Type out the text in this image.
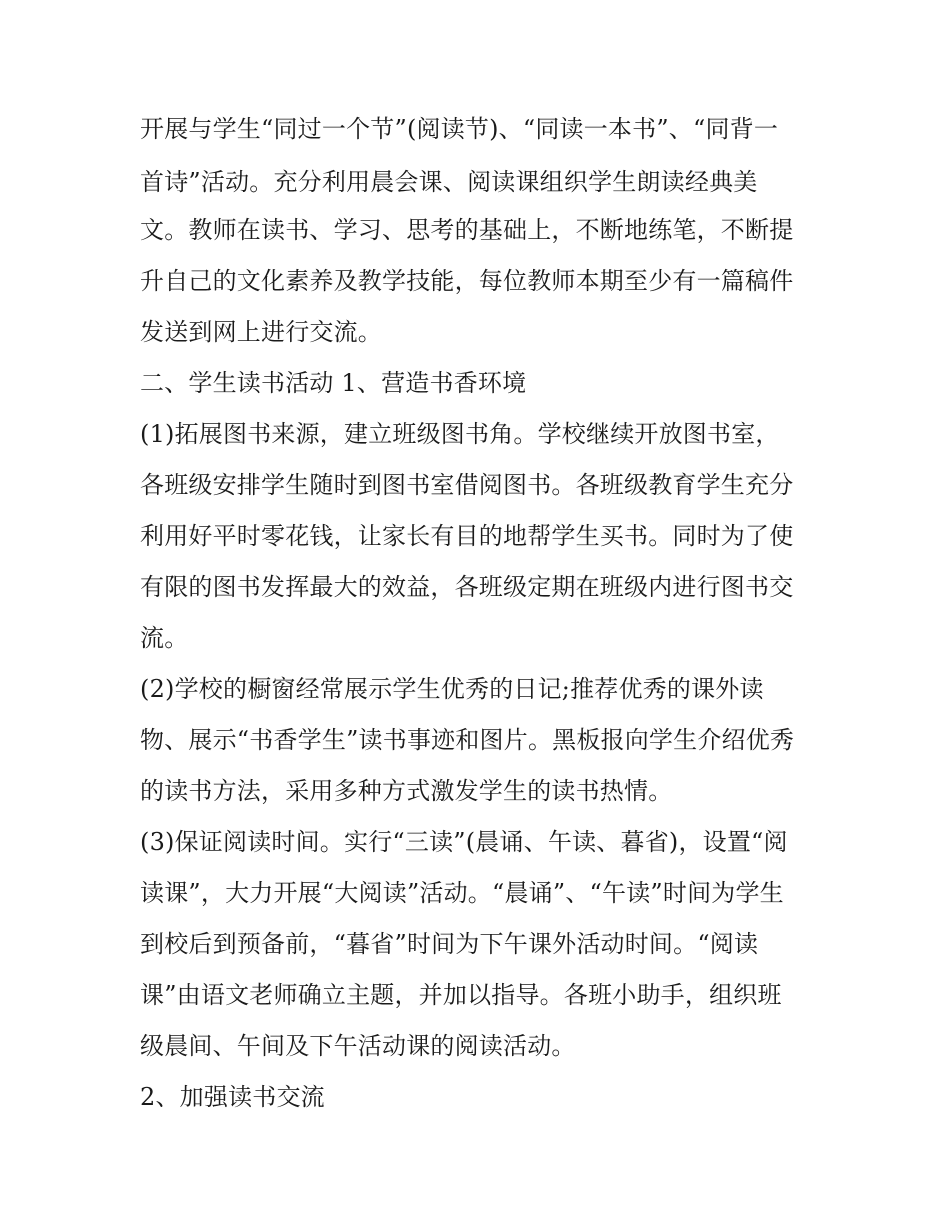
开展与学生“同过一个节”(阅读节)、“同读一本书”、“同背一
首诗”活动。充分利用晨会课、阅读课组织学生朗读经典美
文。教师在读书、学习、思考的基础上，不断地练笔，不断提
升自己的文化素养及教学技能，每位教师本期至少有一篇稿件
发送到网上进行交流。
二、学生读书活动 1、营造书香环境
(1)拓展图书来源，建立班级图书角。学校继续开放图书室，
各班级安排学生随时到图书室借阅图书。各班级教育学生充分
利用好平时零花钱，让家长有目的地帮学生买书。同时为了使
有限的图书发挥最大的效益，各班级定期在班级内进行图书交
流。
(2)学校的橱窗经常展示学生优秀的日记;推荐优秀的课外读
物、展示“书香学生”读书事迹和图片。黑板报向学生介绍优秀
的读书方法，采用多种方式激发学生的读书热情。
(3)保证阅读时间。实行“三读”(晨诵、午读、暮省)，设置“阅
读课”，大力开展“大阅读”活动。“晨诵”、“午读”时间为学生
到校后到预备前，“暮省”时间为下午课外活动时间。“阅读
课”由语文老师确立主题，并加以指导。各班小助手，组织班
级晨间、午间及下午活动课的阅读活动。
2、加强读书交流
